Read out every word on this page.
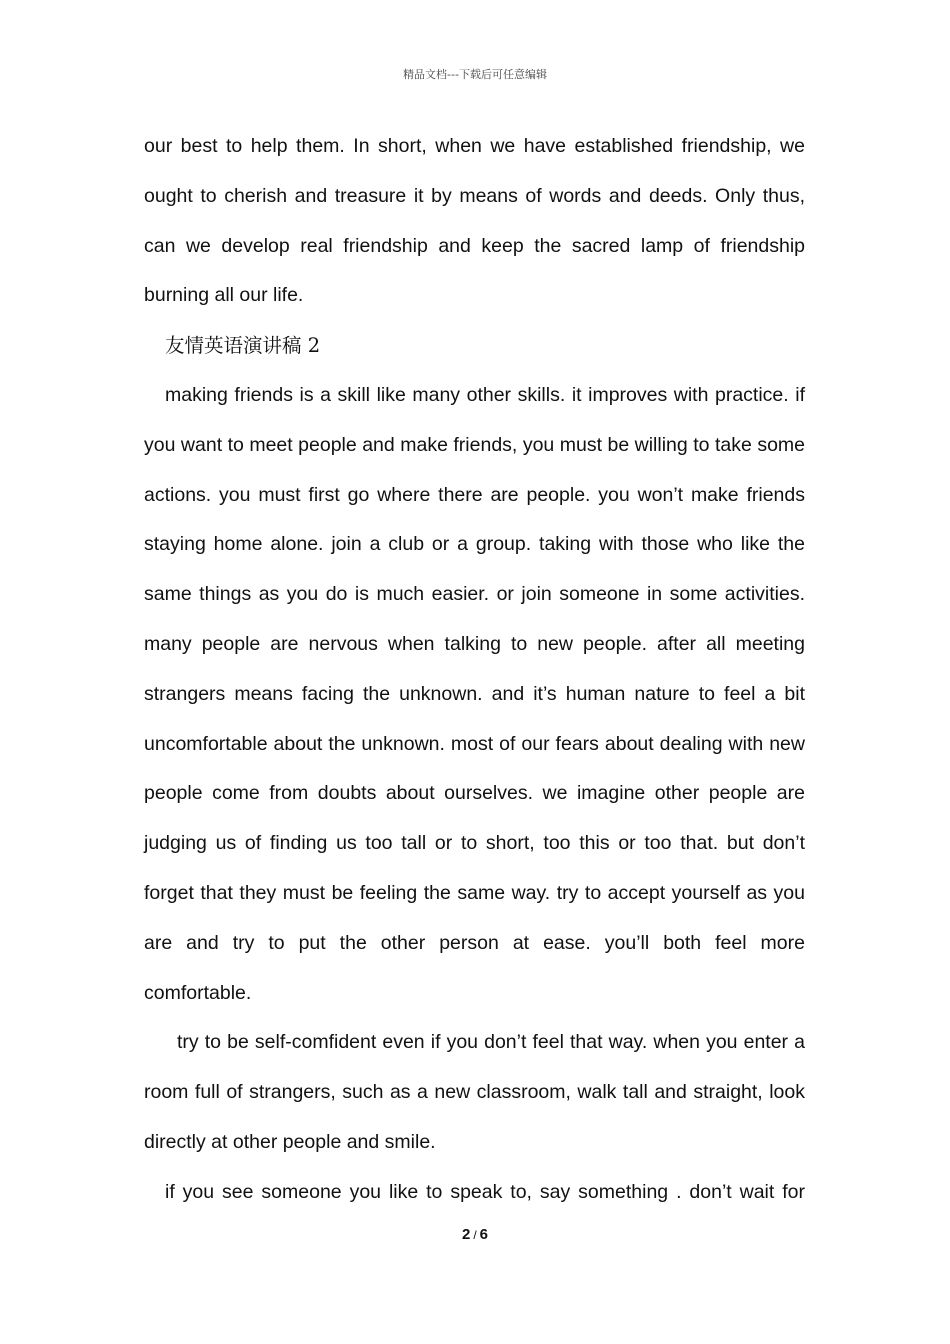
精品文档---下载后可任意编辑

our best to help them. In short, when we have established friendship, we ought to cherish and treasure it by means of words and deeds. Only thus, can we develop real friendship and keep the sacred lamp of friendship burning all our life.

友情英语演讲稿 2

making friends is a skill like many other skills. it improves with practice. if you want to meet people and make friends, you must be willing to take some actions. you must first go where there are people. you won’t make friends staying home alone. join a club or a group. taking with those who like the same things as you do is much easier. or join someone in some activities. many people are nervous when talking to new people. after all meeting strangers means facing the unknown. and it’s human nature to feel a bit uncomfortable about the unknown. most of our fears about dealing with new people come from doubts about ourselves. we imagine other people are judging us of finding us too tall or to short, too this or too that. but don’t forget that they must be feeling the same way. try to accept yourself as you are and try to put the other person at ease. you’ll both feel more comfortable.

try to be self-comfident even if you don’t feel that way. when you enter a room full of strangers, such as a new classroom, walk tall and straight, look directly at other people and smile.

if you see someone you like to speak to, say something . don’t wait for

2 / 6
